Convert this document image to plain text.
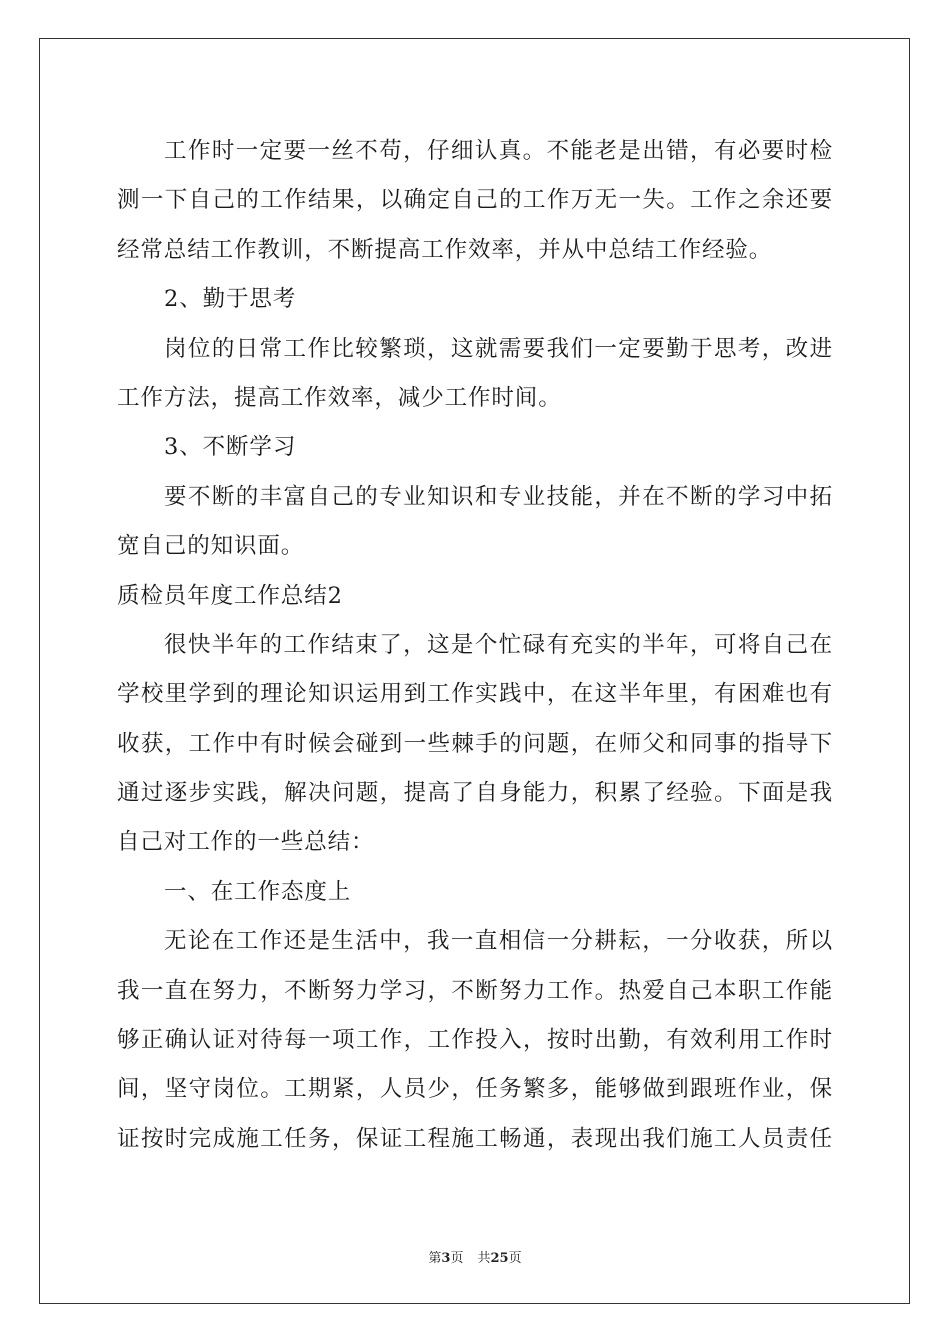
工作时一定要一丝不苟，仔细认真。不能老是出错，有必要时检
测一下自己的工作结果，以确定自己的工作万无一失。工作之余还要
经常总结工作教训，不断提高工作效率，并从中总结工作经验。
2、勤于思考
岗位的日常工作比较繁琐，这就需要我们一定要勤于思考，改进
工作方法，提高工作效率，减少工作时间。
3、不断学习
要不断的丰富自己的专业知识和专业技能，并在不断的学习中拓
宽自己的知识面。
质检员年度工作总结2
很快半年的工作结束了，这是个忙碌有充实的半年，可将自己在
学校里学到的理论知识运用到工作实践中，在这半年里，有困难也有
收获，工作中有时候会碰到一些棘手的问题，在师父和同事的指导下
通过逐步实践，解决问题，提高了自身能力，积累了经验。下面是我
自己对工作的一些总结：
一、在工作态度上
无论在工作还是生活中，我一直相信一分耕耘，一分收获，所以
我一直在努力，不断努力学习，不断努力工作。热爱自己本职工作能
够正确认证对待每一项工作，工作投入，按时出勤，有效利用工作时
间，坚守岗位。工期紧，人员少，任务繁多，能够做到跟班作业，保
证按时完成施工任务，保证工程施工畅通，表现出我们施工人员责任
第3页 共25页
